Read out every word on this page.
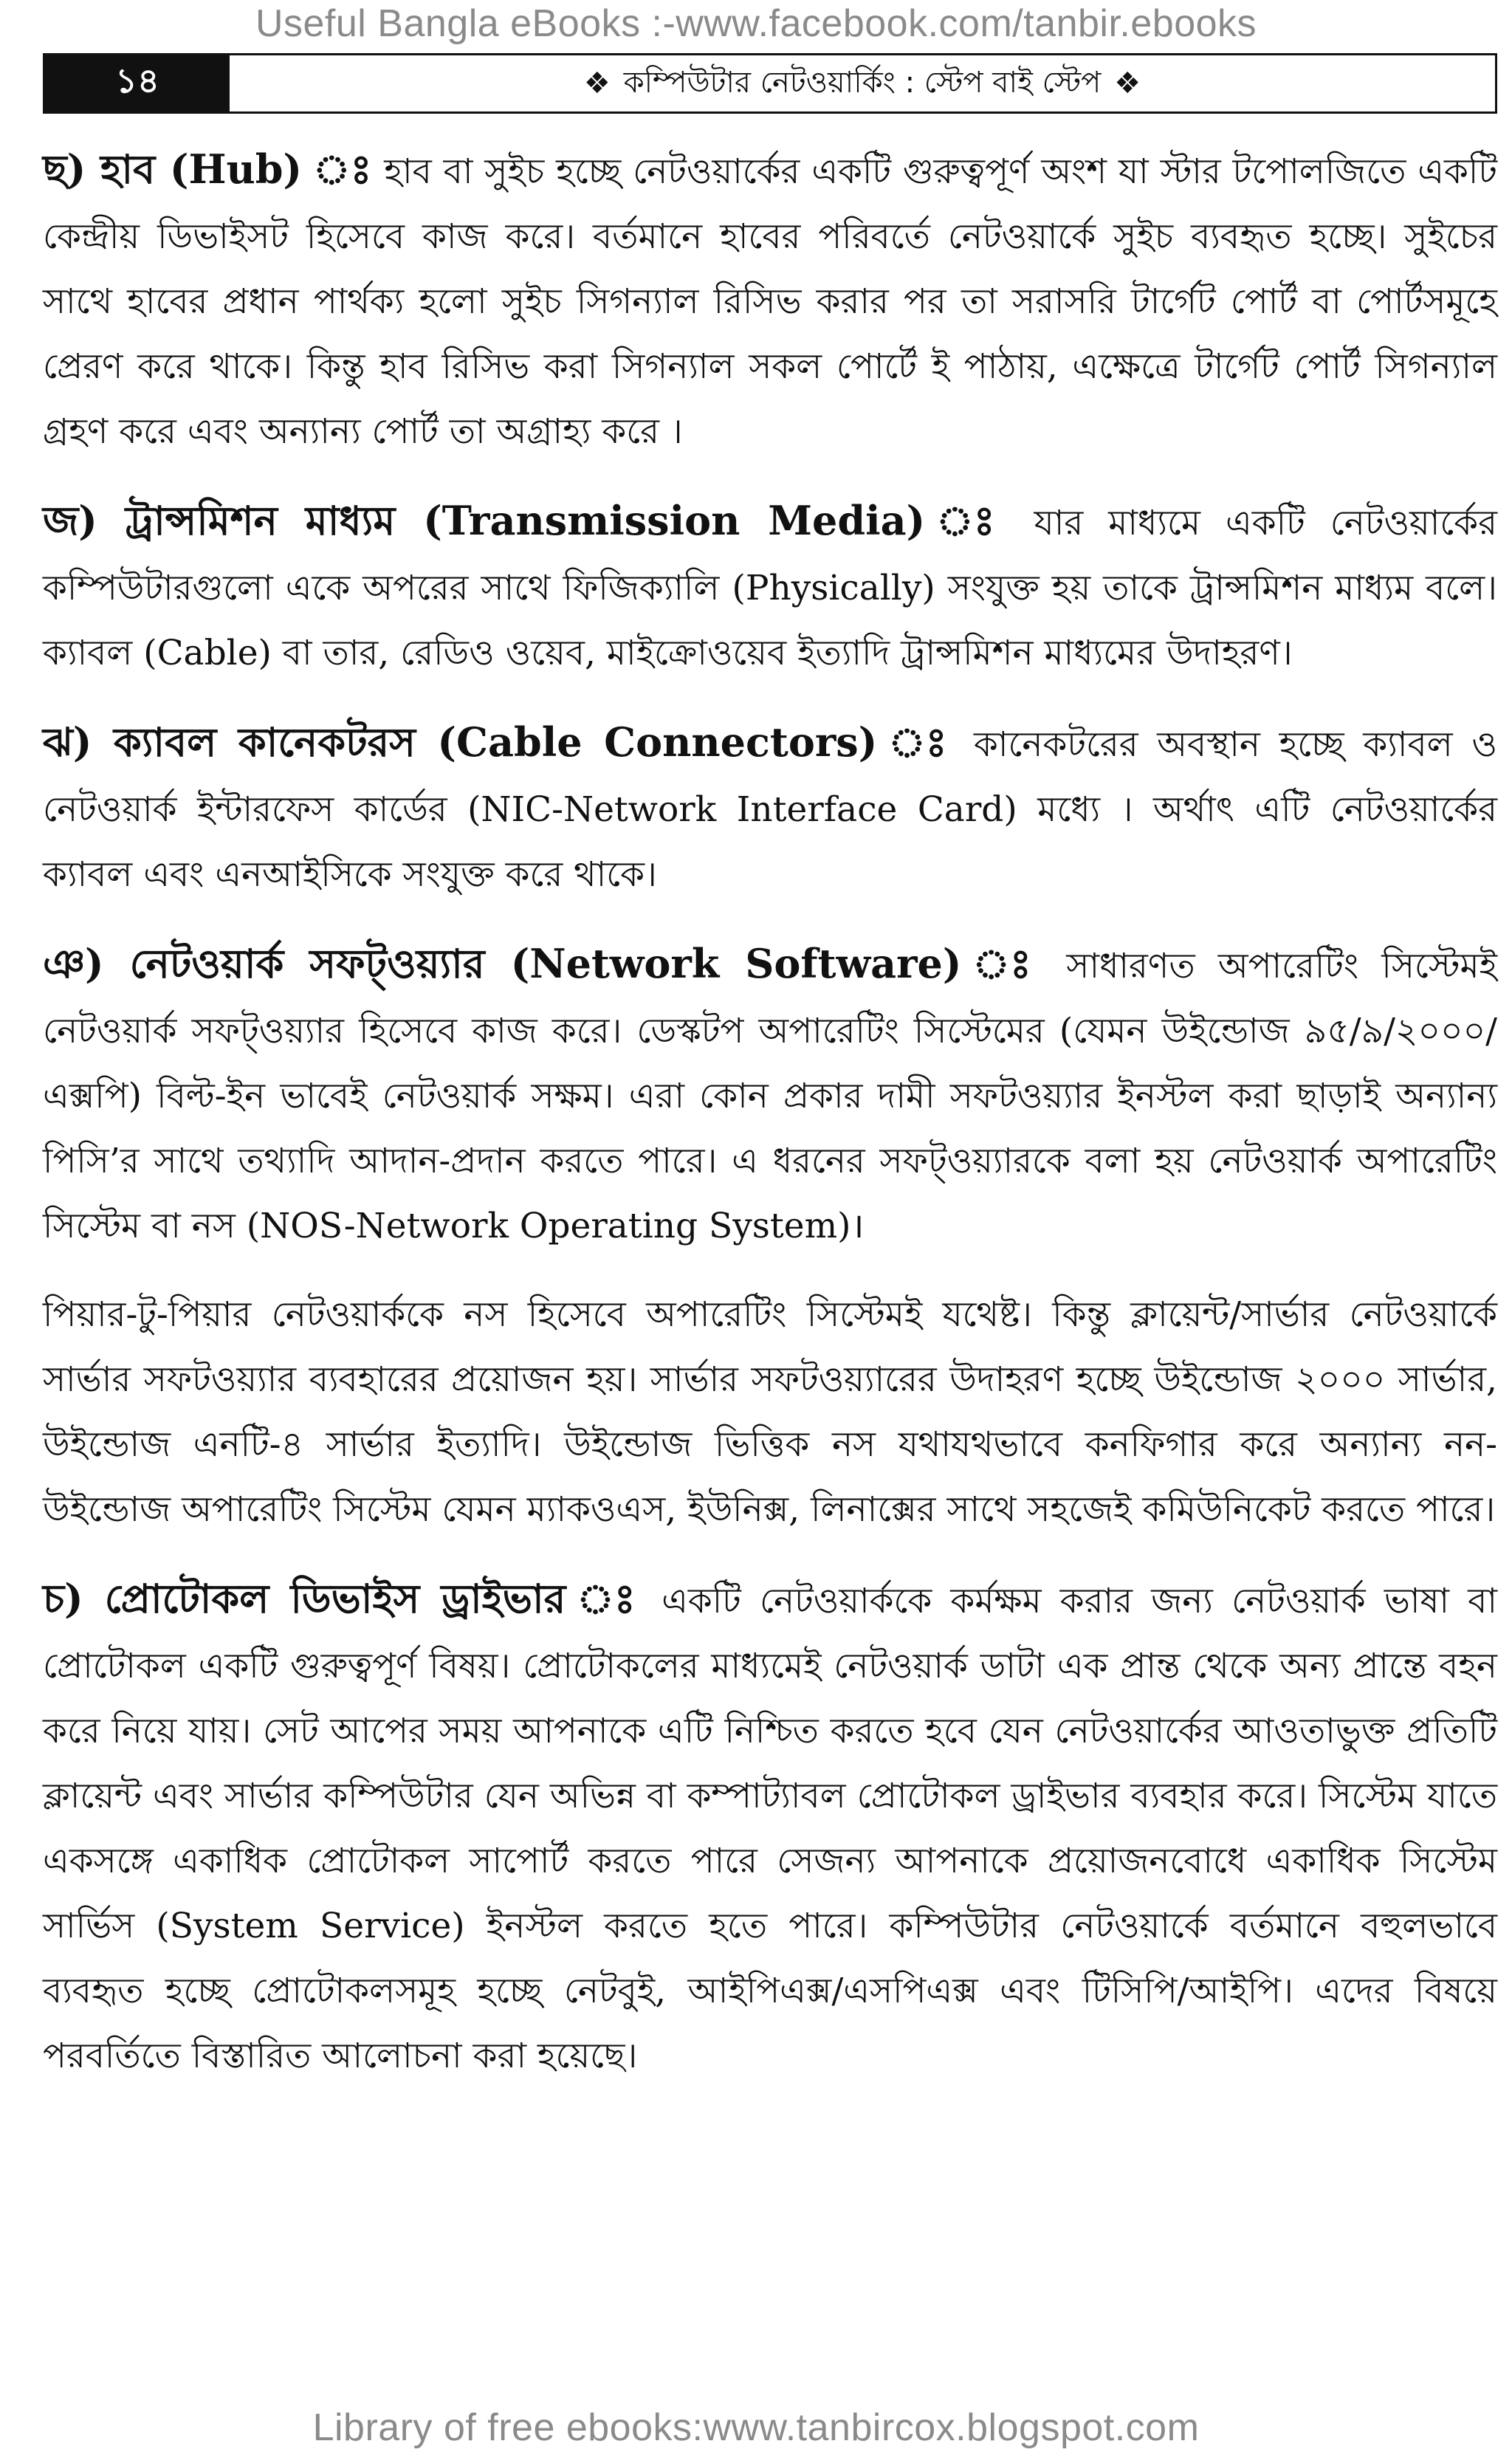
Useful Bangla eBooks :-www.facebook.com/tanbir.ebooks
১৪	❖ কম্পিউটার নেটওয়ার্কিং : স্টেপ বাই স্টেপ ❖

ছ) হাব (Hub) ঃ হাব বা সুইচ হচ্ছে নেটওয়ার্কের একটি গুরুত্বপূর্ণ অংশ যা স্টার টপোলজিতে একটি কেন্দ্রীয় ডিভাইসট হিসেবে কাজ করে। বর্তমানে হাবের পরিবর্তে নেটওয়ার্কে সুইচ ব্যবহৃত হচ্ছে। সুইচের সাথে হাবের প্রধান পার্থক্য হলো সুইচ সিগন্যাল রিসিভ করার পর তা সরাসরি টার্গেট পোর্ট বা পোর্টসমূহে প্রেরণ করে থাকে। কিন্তু হাব রিসিভ করা সিগন্যাল সকল পোর্টে ই পাঠায়, এক্ষেত্রে টার্গেট পোর্ট সিগন্যাল গ্রহণ করে এবং অন্যান্য পোর্ট তা অগ্রাহ্য করে ।

জ) ট্রান্সমিশন মাধ্যম (Transmission Media) ঃ যার মাধ্যমে একটি নেটওয়ার্কের কম্পিউটারগুলো একে অপরের সাথে ফিজিক্যালি (Physically) সংযুক্ত হয় তাকে ট্রান্সমিশন মাধ্যম বলে। ক্যাবল (Cable) বা তার, রেডিও ওয়েব, মাইক্রোওয়েব ইত্যাদি ট্রান্সমিশন মাধ্যমের উদাহরণ।

ঝ) ক্যাবল কানেকটরস (Cable Connectors) ঃ কানেকটরের অবস্থান হচ্ছে ক্যাবল ও নেটওয়ার্ক ইন্টারফেস কার্ডের (NIC-Network Interface Card) মধ্যে । অর্থাৎ এটি নেটওয়ার্কের ক্যাবল এবং এনআইসিকে সংযুক্ত করে থাকে।

ঞ) নেটওয়ার্ক সফট্ওয়্যার (Network Software) ঃ সাধারণত অপারেটিং সিস্টেমই নেটওয়ার্ক সফট্ওয়্যার হিসেবে কাজ করে। ডেস্কটপ অপারেটিং সিস্টেমের (যেমন উইন্ডোজ ৯৫/৯/২০০০/এক্সপি) বিল্ট-ইন ভাবেই নেটওয়ার্ক সক্ষম। এরা কোন প্রকার দামী সফটওয়্যার ইনস্টল করা ছাড়াই অন্যান্য পিসি’র সাথে তথ্যাদি আদান-প্রদান করতে পারে। এ ধরনের সফট্ওয়্যারকে বলা হয় নেটওয়ার্ক অপারেটিং সিস্টেম বা নস (NOS-Network Operating System)।

পিয়ার-টু-পিয়ার নেটওয়ার্ককে নস হিসেবে অপারেটিং সিস্টেমই যথেষ্ট। কিন্তু ক্লায়েন্ট/সার্ভার নেটওয়ার্কে সার্ভার সফটওয়্যার ব্যবহারের প্রয়োজন হয়। সার্ভার সফটওয়্যারের উদাহরণ হচ্ছে উইন্ডোজ ২০০০ সার্ভার, উইন্ডোজ এনটি-৪ সার্ভার ইত্যাদি। উইন্ডোজ ভিত্তিক নস যথাযথভাবে কনফিগার করে অন্যান্য নন-উইন্ডোজ অপারেটিং সিস্টেম যেমন ম্যাকওএস, ইউনিক্স, লিনাক্সের সাথে সহজেই কমিউনিকেট করতে পারে।

চ) প্রোটোকল ডিভাইস ড্রাইভার ঃ একটি নেটওয়ার্ককে কর্মক্ষম করার জন্য নেটওয়ার্ক ভাষা বা প্রোটোকল একটি গুরুত্বপূর্ণ বিষয়। প্রোটোকলের মাধ্যমেই নেটওয়ার্ক ডাটা এক প্রান্ত থেকে অন্য প্রান্তে বহন করে নিয়ে যায়। সেট আপের সময় আপনাকে এটি নিশ্চিত করতে হবে যেন নেটওয়ার্কের আওতাভুক্ত প্রতিটি ক্লায়েন্ট এবং সার্ভার কম্পিউটার যেন অভিন্ন বা কম্পাট্যাবল প্রোটোকল ড্রাইভার ব্যবহার করে। সিস্টেম যাতে একসঙ্গে একাধিক প্রোটোকল সাপোর্ট করতে পারে সেজন্য আপনাকে প্রয়োজনবোধে একাধিক সিস্টেম সার্ভিস (System Service) ইনস্টল করতে হতে পারে। কম্পিউটার নেটওয়ার্কে বর্তমানে বহুলভাবে ব্যবহৃত হচ্ছে প্রোটোকলসমূহ হচ্ছে নেটবুই, আইপিএক্স/এসপিএক্স এবং টিসিপি/আইপি। এদের বিষয়ে পরবর্তিতে বিস্তারিত আলোচনা করা হয়েছে।

Library of free ebooks:www.tanbircox.blogspot.com
